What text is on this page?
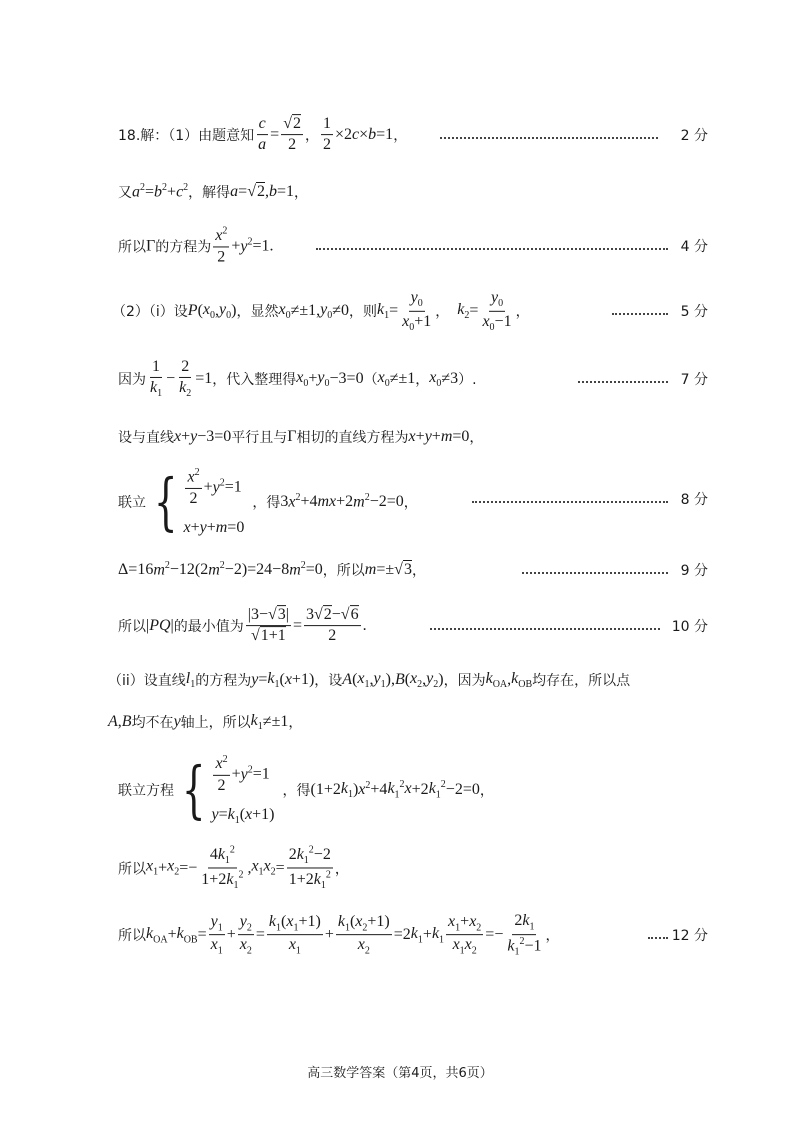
18.解：（1）由题意知 $\frac{c}{a} = \frac{√2}{2}$ ， $\frac{1}{2} \times 2c\times b=1$ ，	2 分
又 $a^2=b^2+c^2$ ，解得 a =√2, b =1 ，
所以 Γ 的方程为 $\frac{x^2}{2} + y^2 =1$.	4 分
（2）（i）设 P ( $x_0$ , $y_0$ ) ，显然 $x_0 \ne\pm 1$, $y_0 \ne 0$ ，则 $k_1 = \frac{y_0}{x_0+1}$ ， $k_2 = \frac{y_0}{x_0-1}$ ，	5 分
因为 $\frac{1}{k_1} - \frac{2}{k_2} =1$ ，代入整理得 $x_0 + y_0 -3=0$ （ $x_0 \ne\pm 1$ ， $x_0 \ne 3$ ）.	7 分
设与直线 x + y −3=0 平行且与 Γ 相切的直线方程为 x + y + m =0 ，
联立 { $\frac{x^2}{2} +y^2=1$
x+y+m=0
，得 3 $x^2 +4$ mx +2 $m^2 -2=0$ ，	8 分
Δ=16 $m^2 -12(2$ $m^2 -2)=24-8$ $m^2 =0$ ，所以 m =±√3 ，	9 分
所以 | PQ | 的最小值为 $\frac{|3-√3|}{√1+1} = \frac{3√2-√6}{2}$ .	10 分
（ii）设直线 $l_1$ 的方程为 $y = k_1$ ( x +1) ，设 A ( $x_1$ , $y_1$ ), B ( $x_2$ , $y_2$ ) ，因为 $k_{OA}$ , $k_{OB}$ 均存在，所以点
A , B 均不在 y 轴上，所以 $k_1 \ne\pm 1$ ，
联立方程 { $\frac{x^2}{2} +y^2=1$
$y=k_1(x+1)$
，得 (1+2 $k_1$ ) $x^2 +4$ $k_1^2x +2$ $k_1^2 -2=0$ ，
所以 $x_1 + x_2 =- \frac{4k_1^2}{1+2k_1^2}$ , $x_1x_2 = \frac{2k_1^2-2}{1+2k_1^2}$ ，
所以 $k_{OA} + k_{OB} = \frac{y_1}{x_1} + \frac{y_2}{x_2} = \frac{k_1(x_1+1)}{x_1} + \frac{k_1(x_2+1)}{x_2} =2$ $k_1 + k_1 \frac{x_1+x_2}{x_1x_2} =- \frac{2k_1}{k_1^2-1}$ ，	12 分
高三数学答案（第4页，共6页）
